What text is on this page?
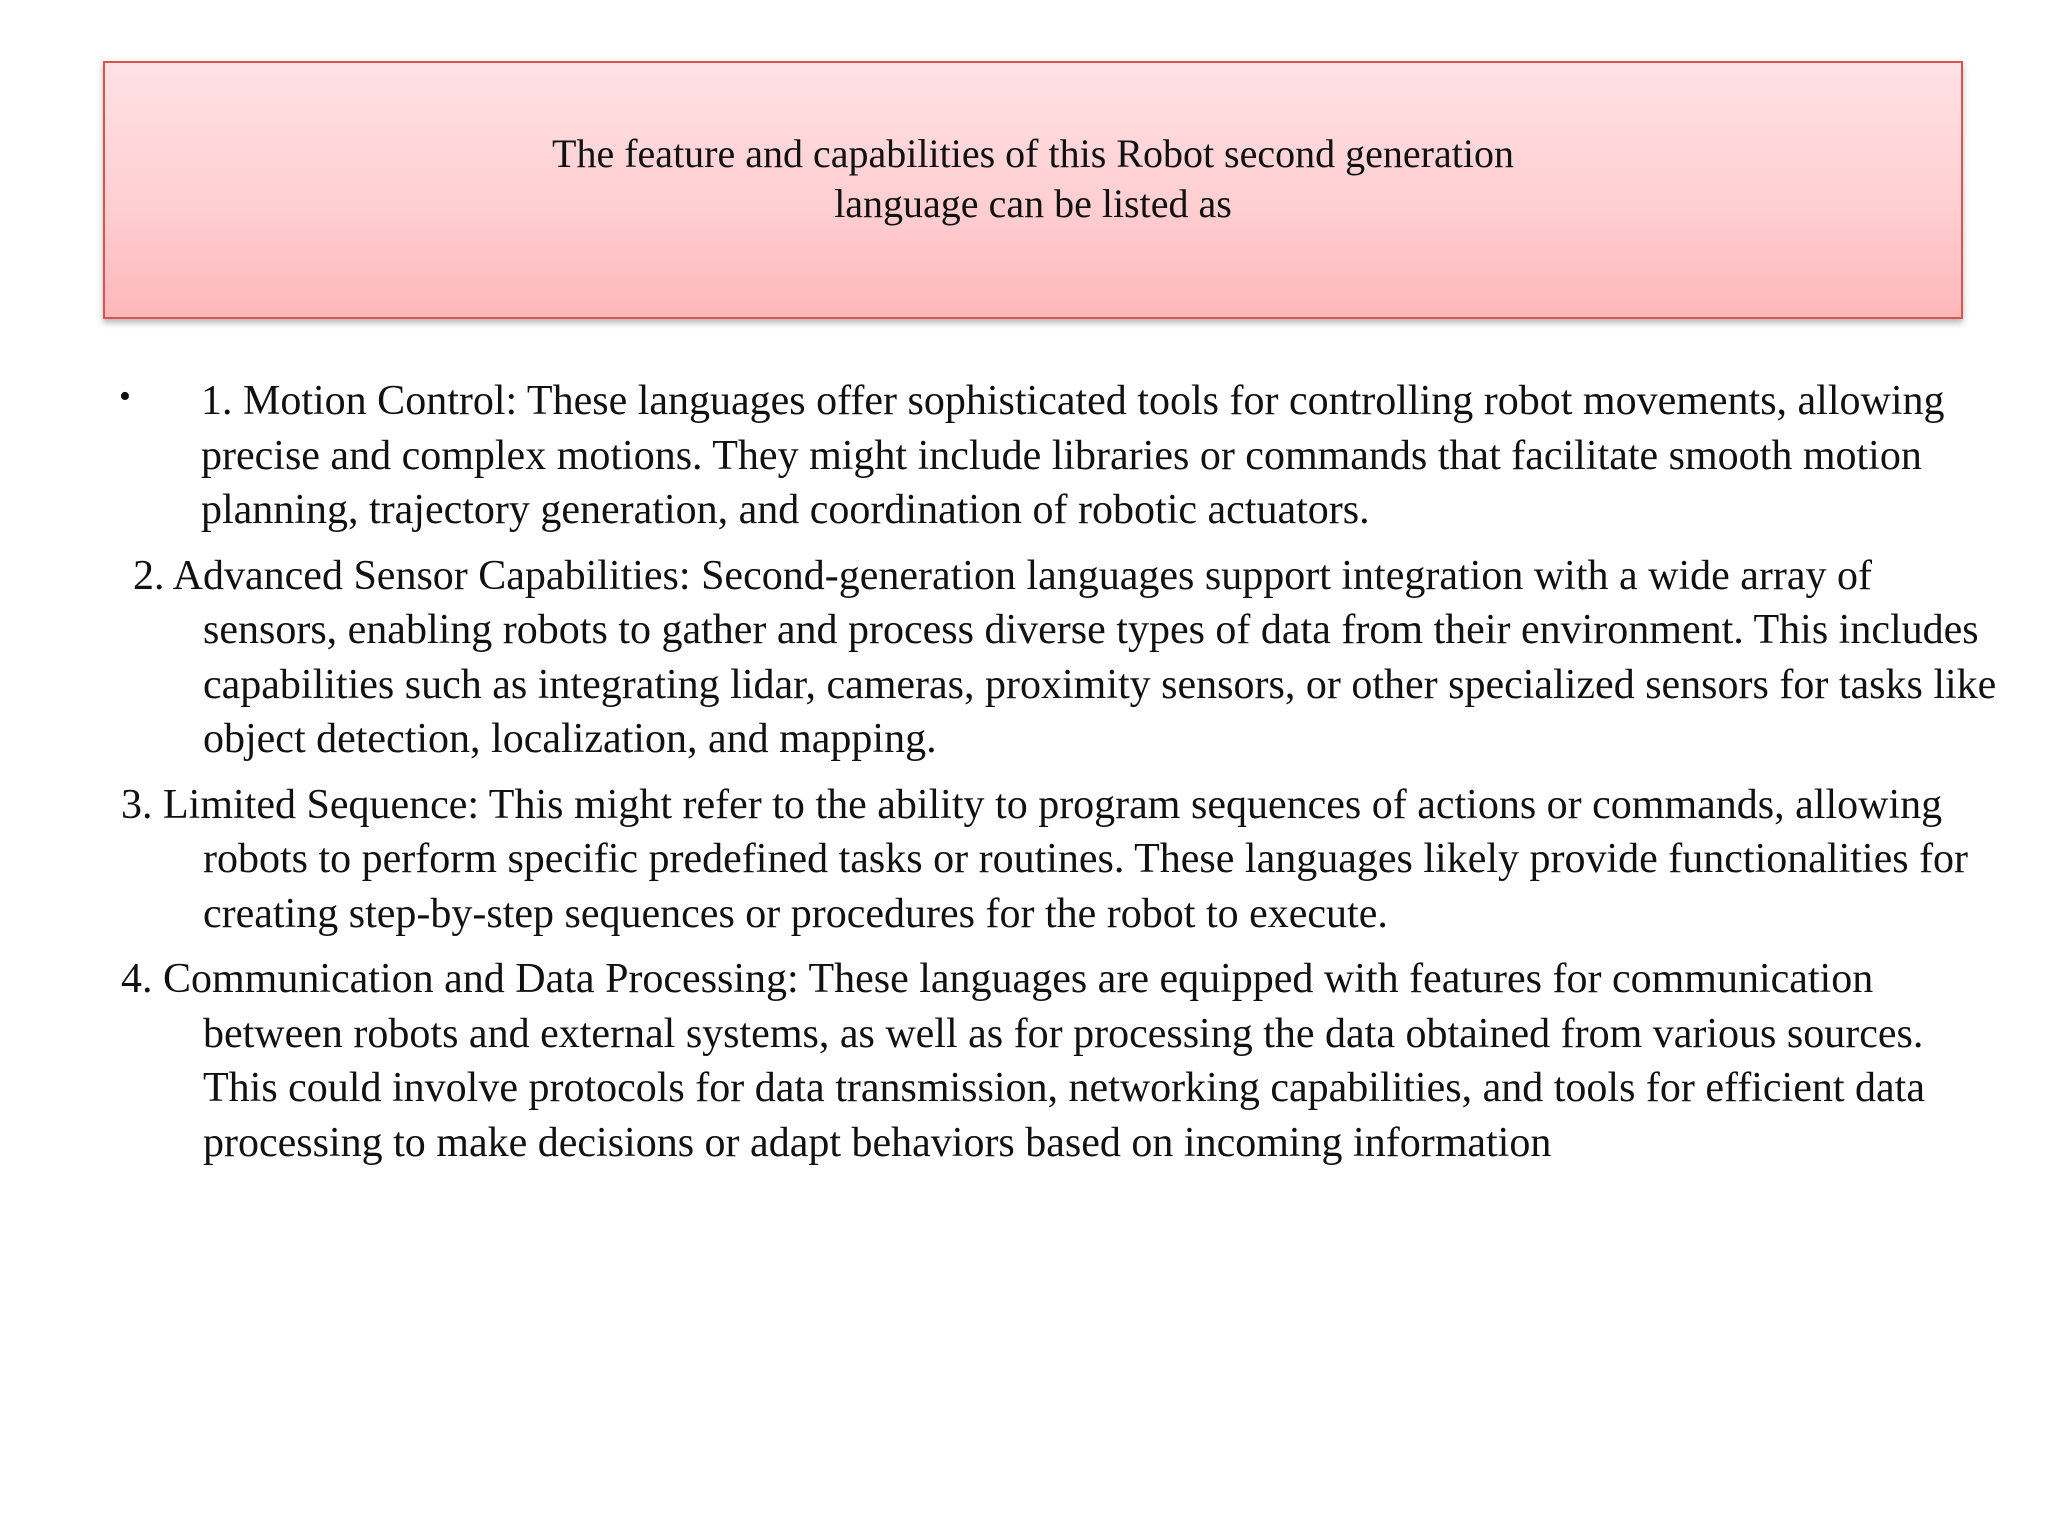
The feature and capabilities of this Robot second generation
language can be listed as

• 1. Motion Control: These languages offer sophisticated tools for controlling robot movements, allowing precise and complex motions. They might include libraries or commands that facilitate smooth motion planning, trajectory generation, and coordination of robotic actuators.

2. Advanced Sensor Capabilities: Second-generation languages support integration with a wide array of sensors, enabling robots to gather and process diverse types of data from their environment. This includes capabilities such as integrating lidar, cameras, proximity sensors, or other specialized sensors for tasks like object detection, localization, and mapping.

3. Limited Sequence: This might refer to the ability to program sequences of actions or commands, allowing robots to perform specific predefined tasks or routines. These languages likely provide functionalities for creating step-by-step sequences or procedures for the robot to execute.

4. Communication and Data Processing: These languages are equipped with features for communication between robots and external systems, as well as for processing the data obtained from various sources. This could involve protocols for data transmission, networking capabilities, and tools for efficient data processing to make decisions or adapt behaviors based on incoming information
